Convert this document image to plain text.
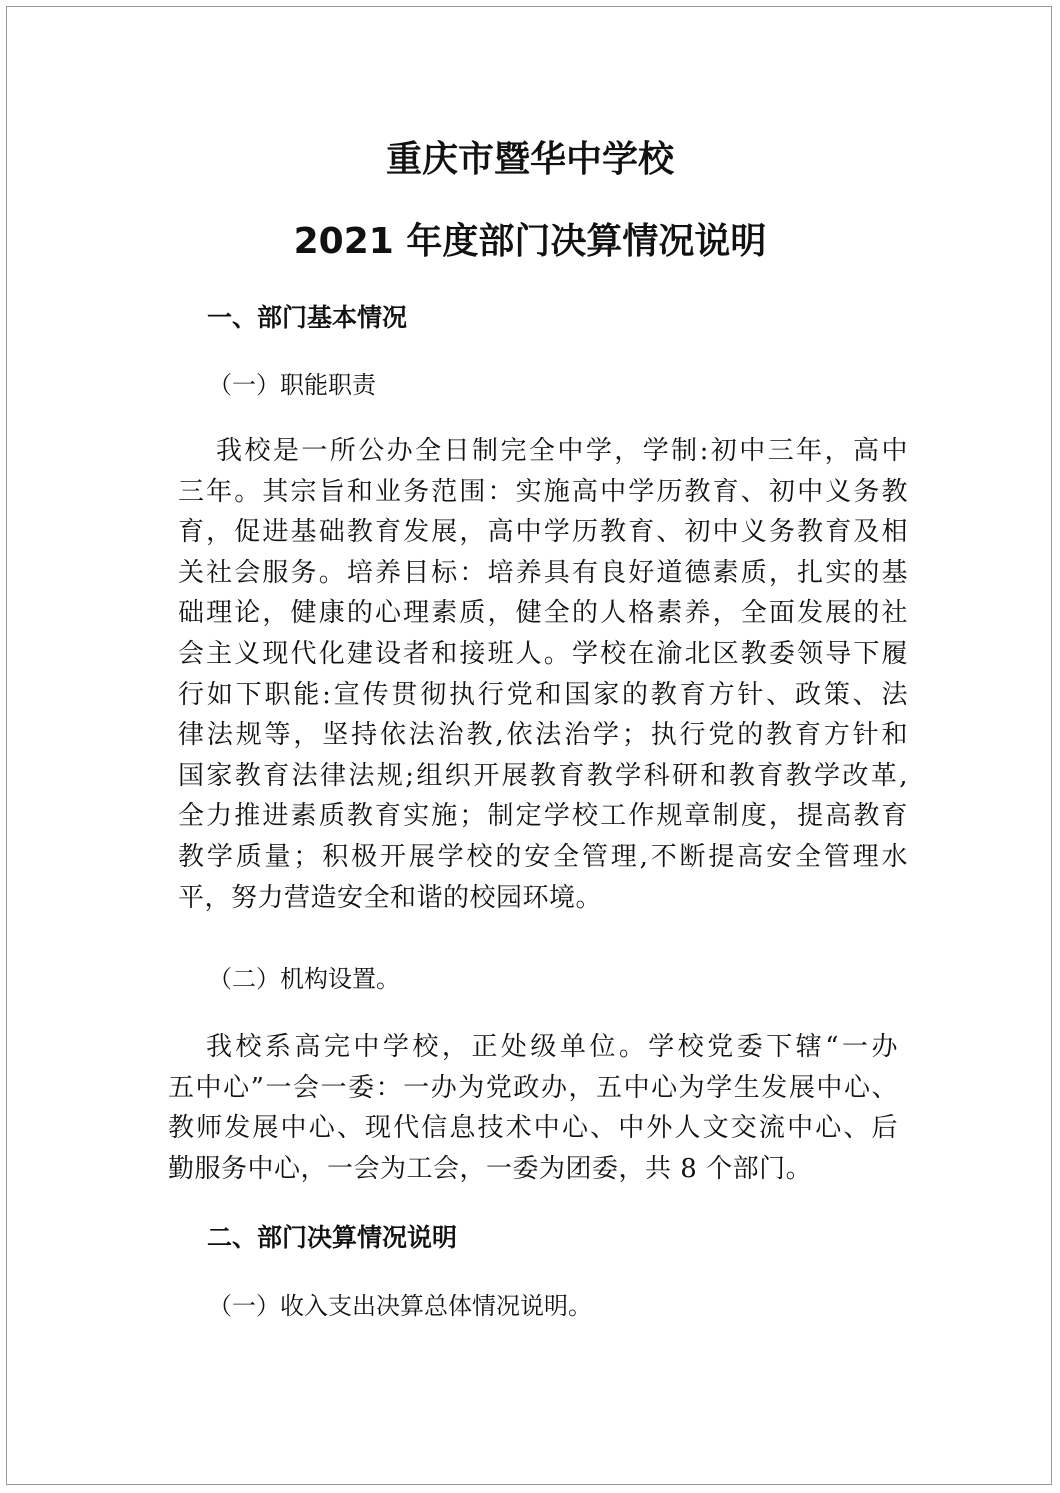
重庆市暨华中学校
2021 年度部门决算情况说明
一、部门基本情况
（一）职能职责
我校是一所公办全日制完全中学，学制:初中三年，高中
三年。其宗旨和业务范围：实施高中学历教育、初中义务教
育，促进基础教育发展，高中学历教育、初中义务教育及相
关社会服务。培养目标：培养具有良好道德素质，扎实的基
础理论，健康的心理素质，健全的人格素养，全面发展的社
会主义现代化建设者和接班人。学校在渝北区教委领导下履
行如下职能:宣传贯彻执行党和国家的教育方针、政策、法
律法规等，坚持依法治教,依法治学；执行党的教育方针和
国家教育法律法规;组织开展教育教学科研和教育教学改革,
全力推进素质教育实施；制定学校工作规章制度，提高教育
教学质量；积极开展学校的安全管理,不断提高安全管理水
平，努力营造安全和谐的校园环境。
（二）机构设置。
我校系高完中学校，正处级单位。学校党委下辖“一办
五中心”一会一委：一办为党政办，五中心为学生发展中心、
教师发展中心、现代信息技术中心、中外人文交流中心、后
勤服务中心，一会为工会，一委为团委，共 8 个部门。
二、部门决算情况说明
（一）收入支出决算总体情况说明。
